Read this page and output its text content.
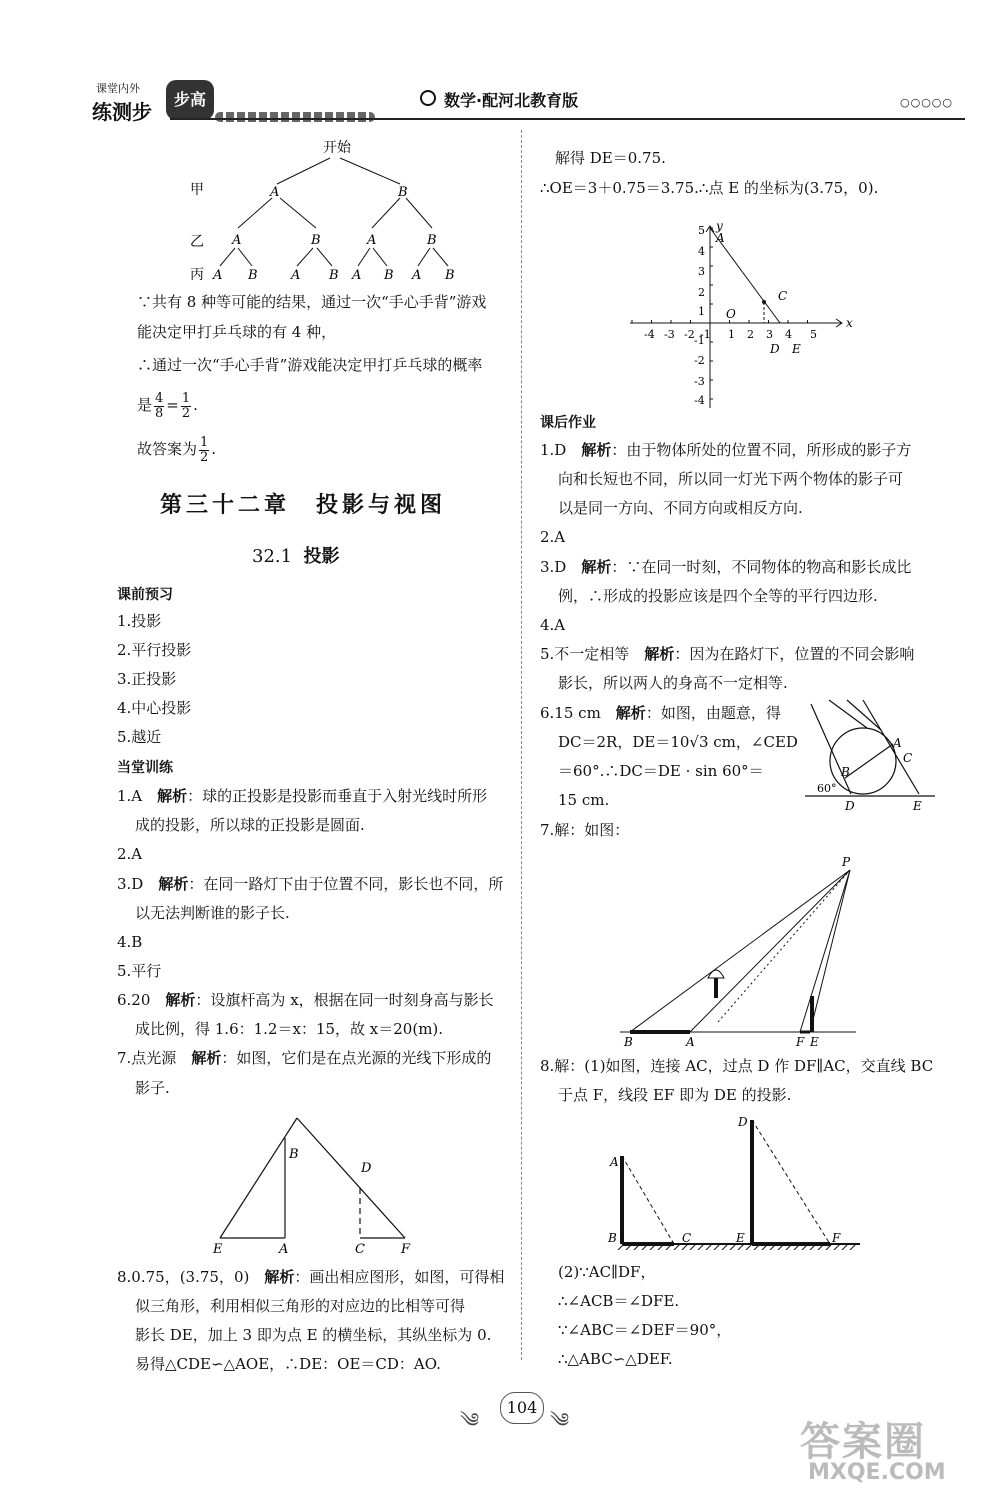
课堂内外
练测步
步高	数学·配河北教育版	○○○○○
开始
甲
乙
丙
A	B
A	B	A	B
A B	A B A B A B
∵共有 8 种等可能的结果，通过一次“手心手背”游戏
能决定甲打乒乓球的有 4 种，
∴通过一次“手心手背”游戏能决定甲打乒乓球的概率
是 $\frac{4}{8} = \frac{1}{2}$ .
故答案为 $\frac{1}{2}$ .
第三十二章　投影与视图
32.1 投影
课前预习
1.投影
2.平行投影
3.正投影
4.中心投影
5.越近
当堂训练
1.A　解析：球的正投影是投影而垂直于入射光线时所形
成的投影，所以球的正投影是圆面.
2.A
3.D　解析：在同一路灯下由于位置不同，影长也不同，所
以无法判断谁的影子长.
4.B
5.平行
6.20　解析：设旗杆高为 x，根据在同一时刻身高与影长
成比例，得 1.6：1.2＝x：15，故 x＝20(m).
7.点光源　解析：如图，它们是在点光源的光线下形成的
影子.
E	A
B
D
C	F
8.0.75，(3.75，0)　解析：画出相应图形，如图，可得相
似三角形，利用相似三角形的对应边的比相等可得
影长 DE，加上 3 即为点 E 的横坐标，其纵坐标为 0.
易得△CDE∽△AOE，∴DE：OE＝CD：AO.
解得 DE＝0.75.
∴OE＝3＋0.75＝3.75.∴点 E 的坐标为(3.75，0).
-4 -3 -2 -1 1 2 3 4 5
5
4
3
2
1
-1
-2
-3
-4
x
y
O
A
C
D E
课后作业
1.D　解析：由于物体所处的位置不同，所形成的影子方
向和长短也不同，所以同一灯光下两个物体的影子可
以是同一方向、不同方向或相反方向.
2.A
3.D　解析：∵在同一时刻，不同物体的物高和影长成比
例，∴形成的投影应该是四个全等的平行四边形.
4.A
5.不一定相等　解析：因为在路灯下，位置的不同会影响
影长，所以两人的身高不一定相等.
6.15 cm　解析：如图，由题意，得
DC＝2R，DE＝10√3 cm，∠CED
＝60°.∴DC＝DE · sin 60°＝
15 cm.
A
B
C
D	E
60°
7.解：如图：
P
B	A	F E
8.解：(1)如图，连接 AC，过点 D 作 DF∥AC，交直线 BC
于点 F，线段 EF 即为 DE 的投影.
A
B	C
D
E	F
(2)∵AC∥DF，
∴∠ACB＝∠DFE.
∵∠ABC＝∠DEF＝90°，
∴△ABC∽△DEF.
༄
104
༄	答案圈
MXQE.COM
